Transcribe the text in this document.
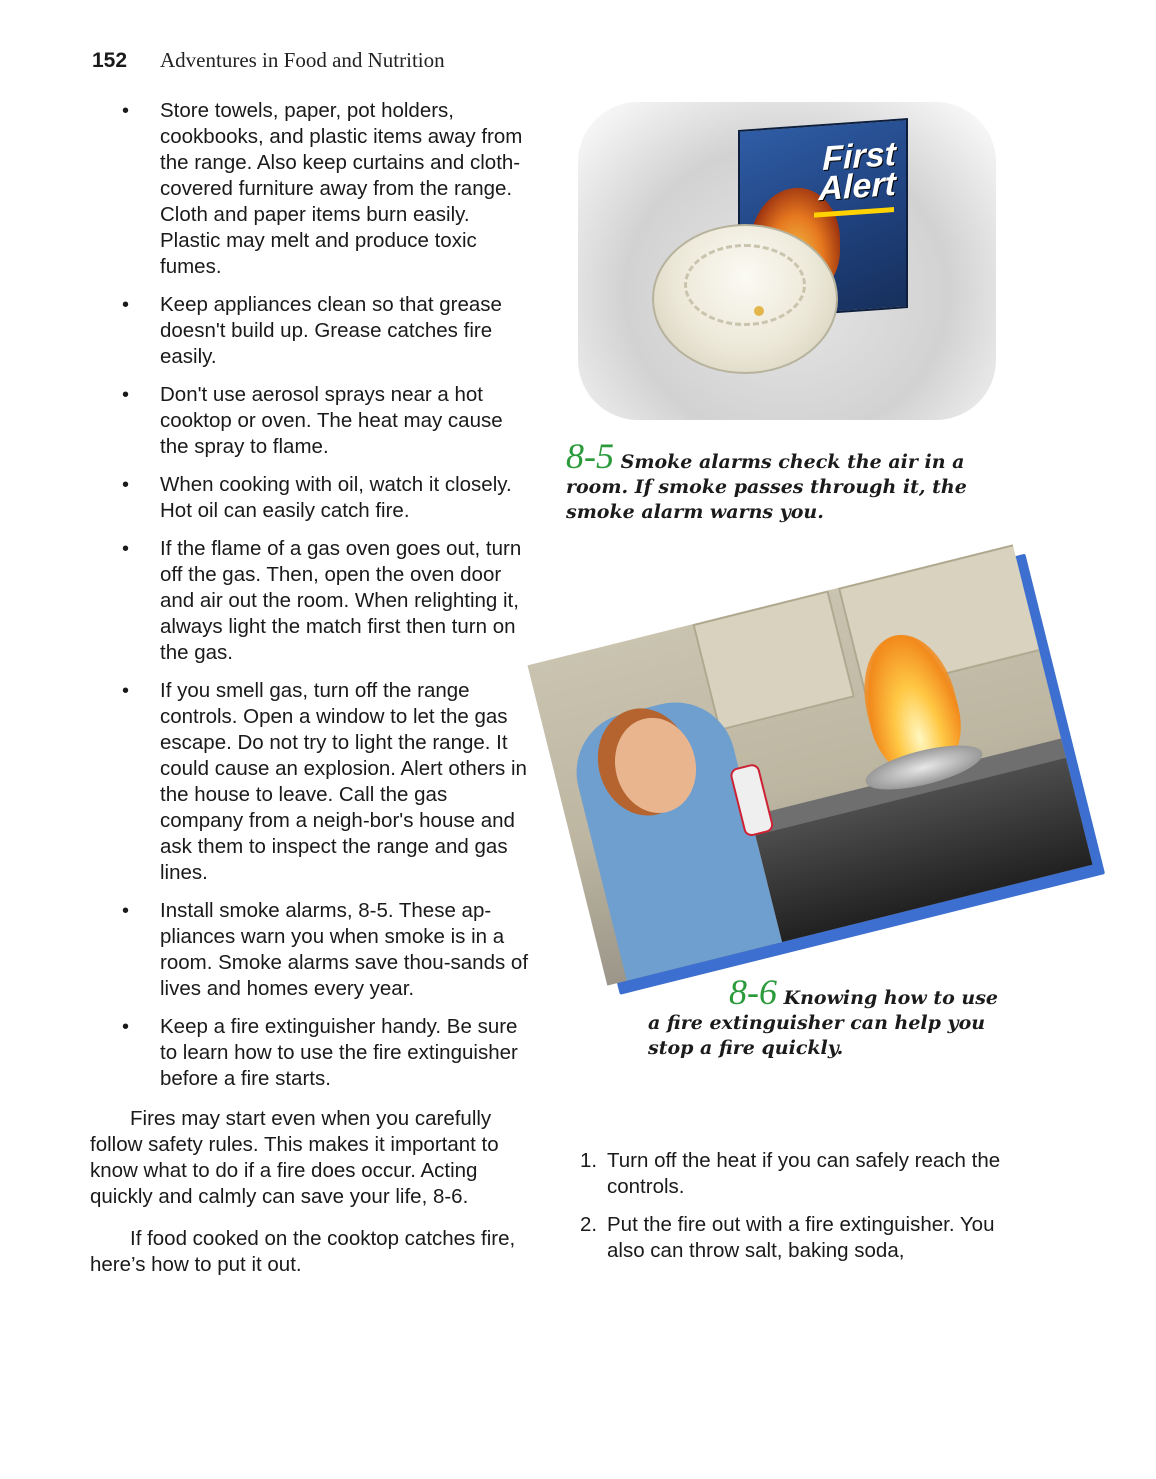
152 Adventures in Food and Nutrition
• Store towels, paper, pot holders, cookbooks, and plastic items away from the range. Also keep curtains and cloth-covered furniture away from the range. Cloth and paper items burn easily. Plastic may melt and produce toxic fumes.
• Keep appliances clean so that grease doesn't build up. Grease catches fire easily.
• Don't use aerosol sprays near a hot cooktop or oven. The heat may cause the spray to flame.
• When cooking with oil, watch it closely. Hot oil can easily catch fire.
• If the flame of a gas oven goes out, turn off the gas. Then, open the oven door and air out the room. When relighting it, always light the match first then turn on the gas.
• If you smell gas, turn off the range controls. Open a window to let the gas escape. Do not try to light the range. It could cause an explosion. Alert others in the house to leave. Call the gas company from a neigh-bor's house and ask them to inspect the range and gas lines.
• Install smoke alarms, 8-5. These ap-pliances warn you when smoke is in a room. Smoke alarms save thou-sands of lives and homes every year.
• Keep a fire extinguisher handy. Be sure to learn how to use the fire extinguisher before a fire starts.

Fires may start even when you carefully follow safety rules. This makes it important to know what to do if a fire does occur. Acting quickly and calmly can save your life, 8-6.

If food cooked on the cooktop catches fire, here’s how to put it out.

First Alert

8-5 Smoke alarms check the air in a room. If smoke passes through it, the smoke alarm warns you.

8-6 Knowing how to use
a fire extinguisher can help you stop a fire quickly.

1. Turn off the heat if you can safely reach the controls.
2. Put the fire out with a fire extinguisher. You also can throw salt, baking soda,
